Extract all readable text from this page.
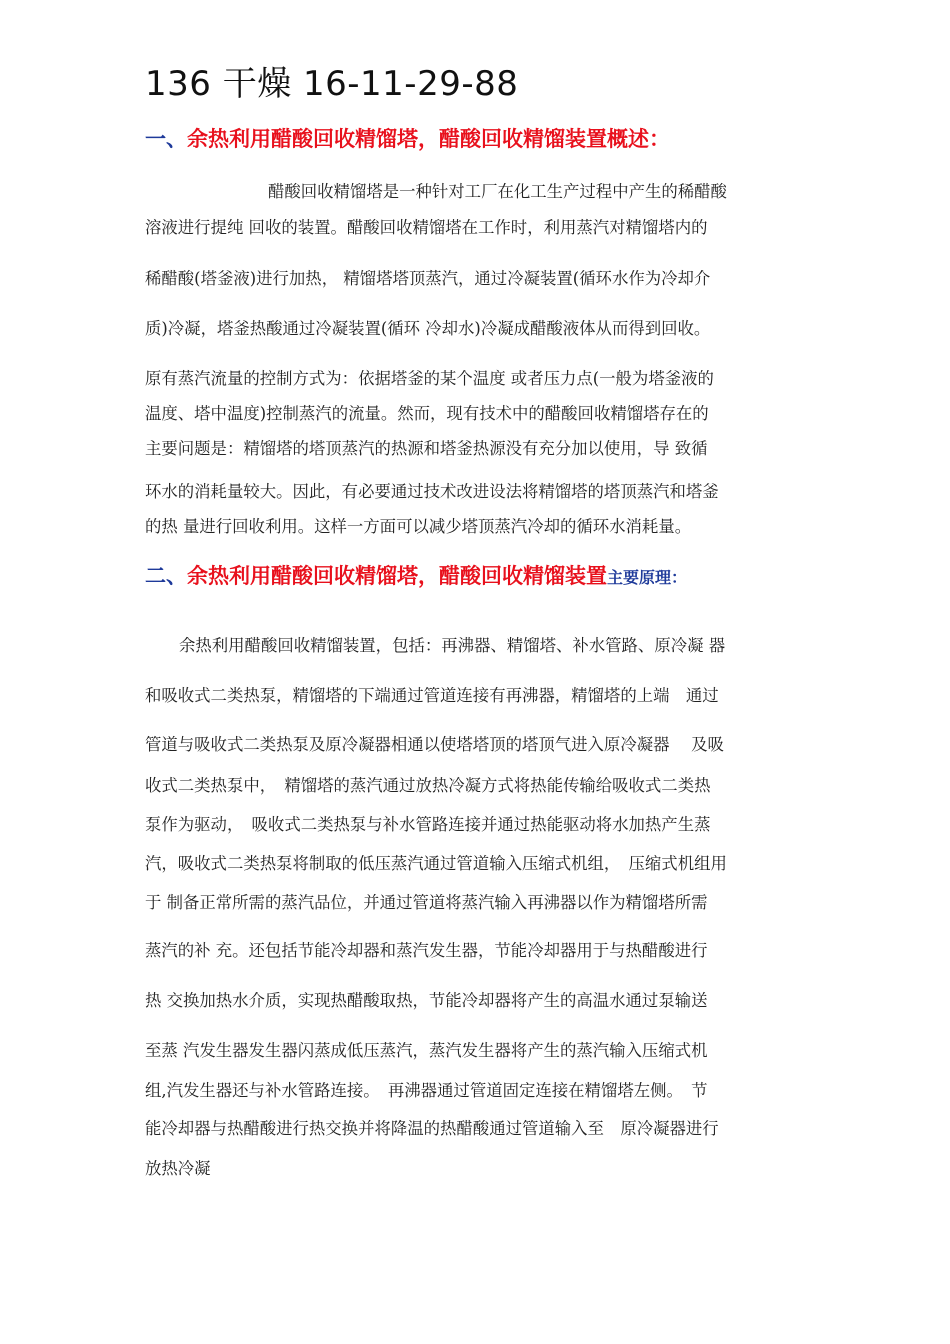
136 干燥 16-11-29-88
一、余热利用醋酸回收精馏塔，醋酸回收精馏装置概述：
醋酸回收精馏塔是一种针对工厂在化工生产过程中产生的稀醋酸
溶液进行提纯 回收的装置。醋酸回收精馏塔在工作时，利用蒸汽对精馏塔内的
稀醋酸(塔釜液)进行加热， 精馏塔塔顶蒸汽，通过冷凝装置(循环水作为冷却介
质)冷凝，塔釜热酸通过冷凝装置(循环 冷却水)冷凝成醋酸液体从而得到回收。
原有蒸汽流量的控制方式为：依据塔釜的某个温度 或者压力点(一般为塔釜液的
温度、塔中温度)控制蒸汽的流量。然而，现有技术中的醋酸回收精馏塔存在的
主要问题是：精馏塔的塔顶蒸汽的热源和塔釜热源没有充分加以使用，导 致循
环水的消耗量较大。因此，有必要通过技术改进设法将精馏塔的塔顶蒸汽和塔釜
的热 量进行回收利用。这样一方面可以减少塔顶蒸汽冷却的循环水消耗量。
二、余热利用醋酸回收精馏塔，醋酸回收精馏装置主要原理：
余热利用醋酸回收精馏装置，包括：再沸器、精馏塔、补水管路、原冷凝 器
和吸收式二类热泵，精馏塔的下端通过管道连接有再沸器，精馏塔的上端　通过
管道与吸收式二类热泵及原冷凝器相通以使塔塔顶的塔顶气进入原冷凝器　 及吸
收式二类热泵中，　精馏塔的蒸汽通过放热冷凝方式将热能传输给吸收式二类热
泵作为驱动，　吸收式二类热泵与补水管路连接并通过热能驱动将水加热产生蒸
汽，吸收式二类热泵将制取的低压蒸汽通过管道输入压缩式机组，　压缩式机组用
于 制备正常所需的蒸汽品位，并通过管道将蒸汽输入再沸器以作为精馏塔所需
蒸汽的补 充。还包括节能冷却器和蒸汽发生器，节能冷却器用于与热醋酸进行
热 交换加热水介质，实现热醋酸取热，节能冷却器将产生的高温水通过泵输送
至蒸 汽发生器发生器闪蒸成低压蒸汽，蒸汽发生器将产生的蒸汽输入压缩式机
组,汽发生器还与补水管路连接。　再沸器通过管道固定连接在精馏塔左侧。　节
能冷却器与热醋酸进行热交换并将降温的热醋酸通过管道输入至　原冷凝器进行
放热冷凝
